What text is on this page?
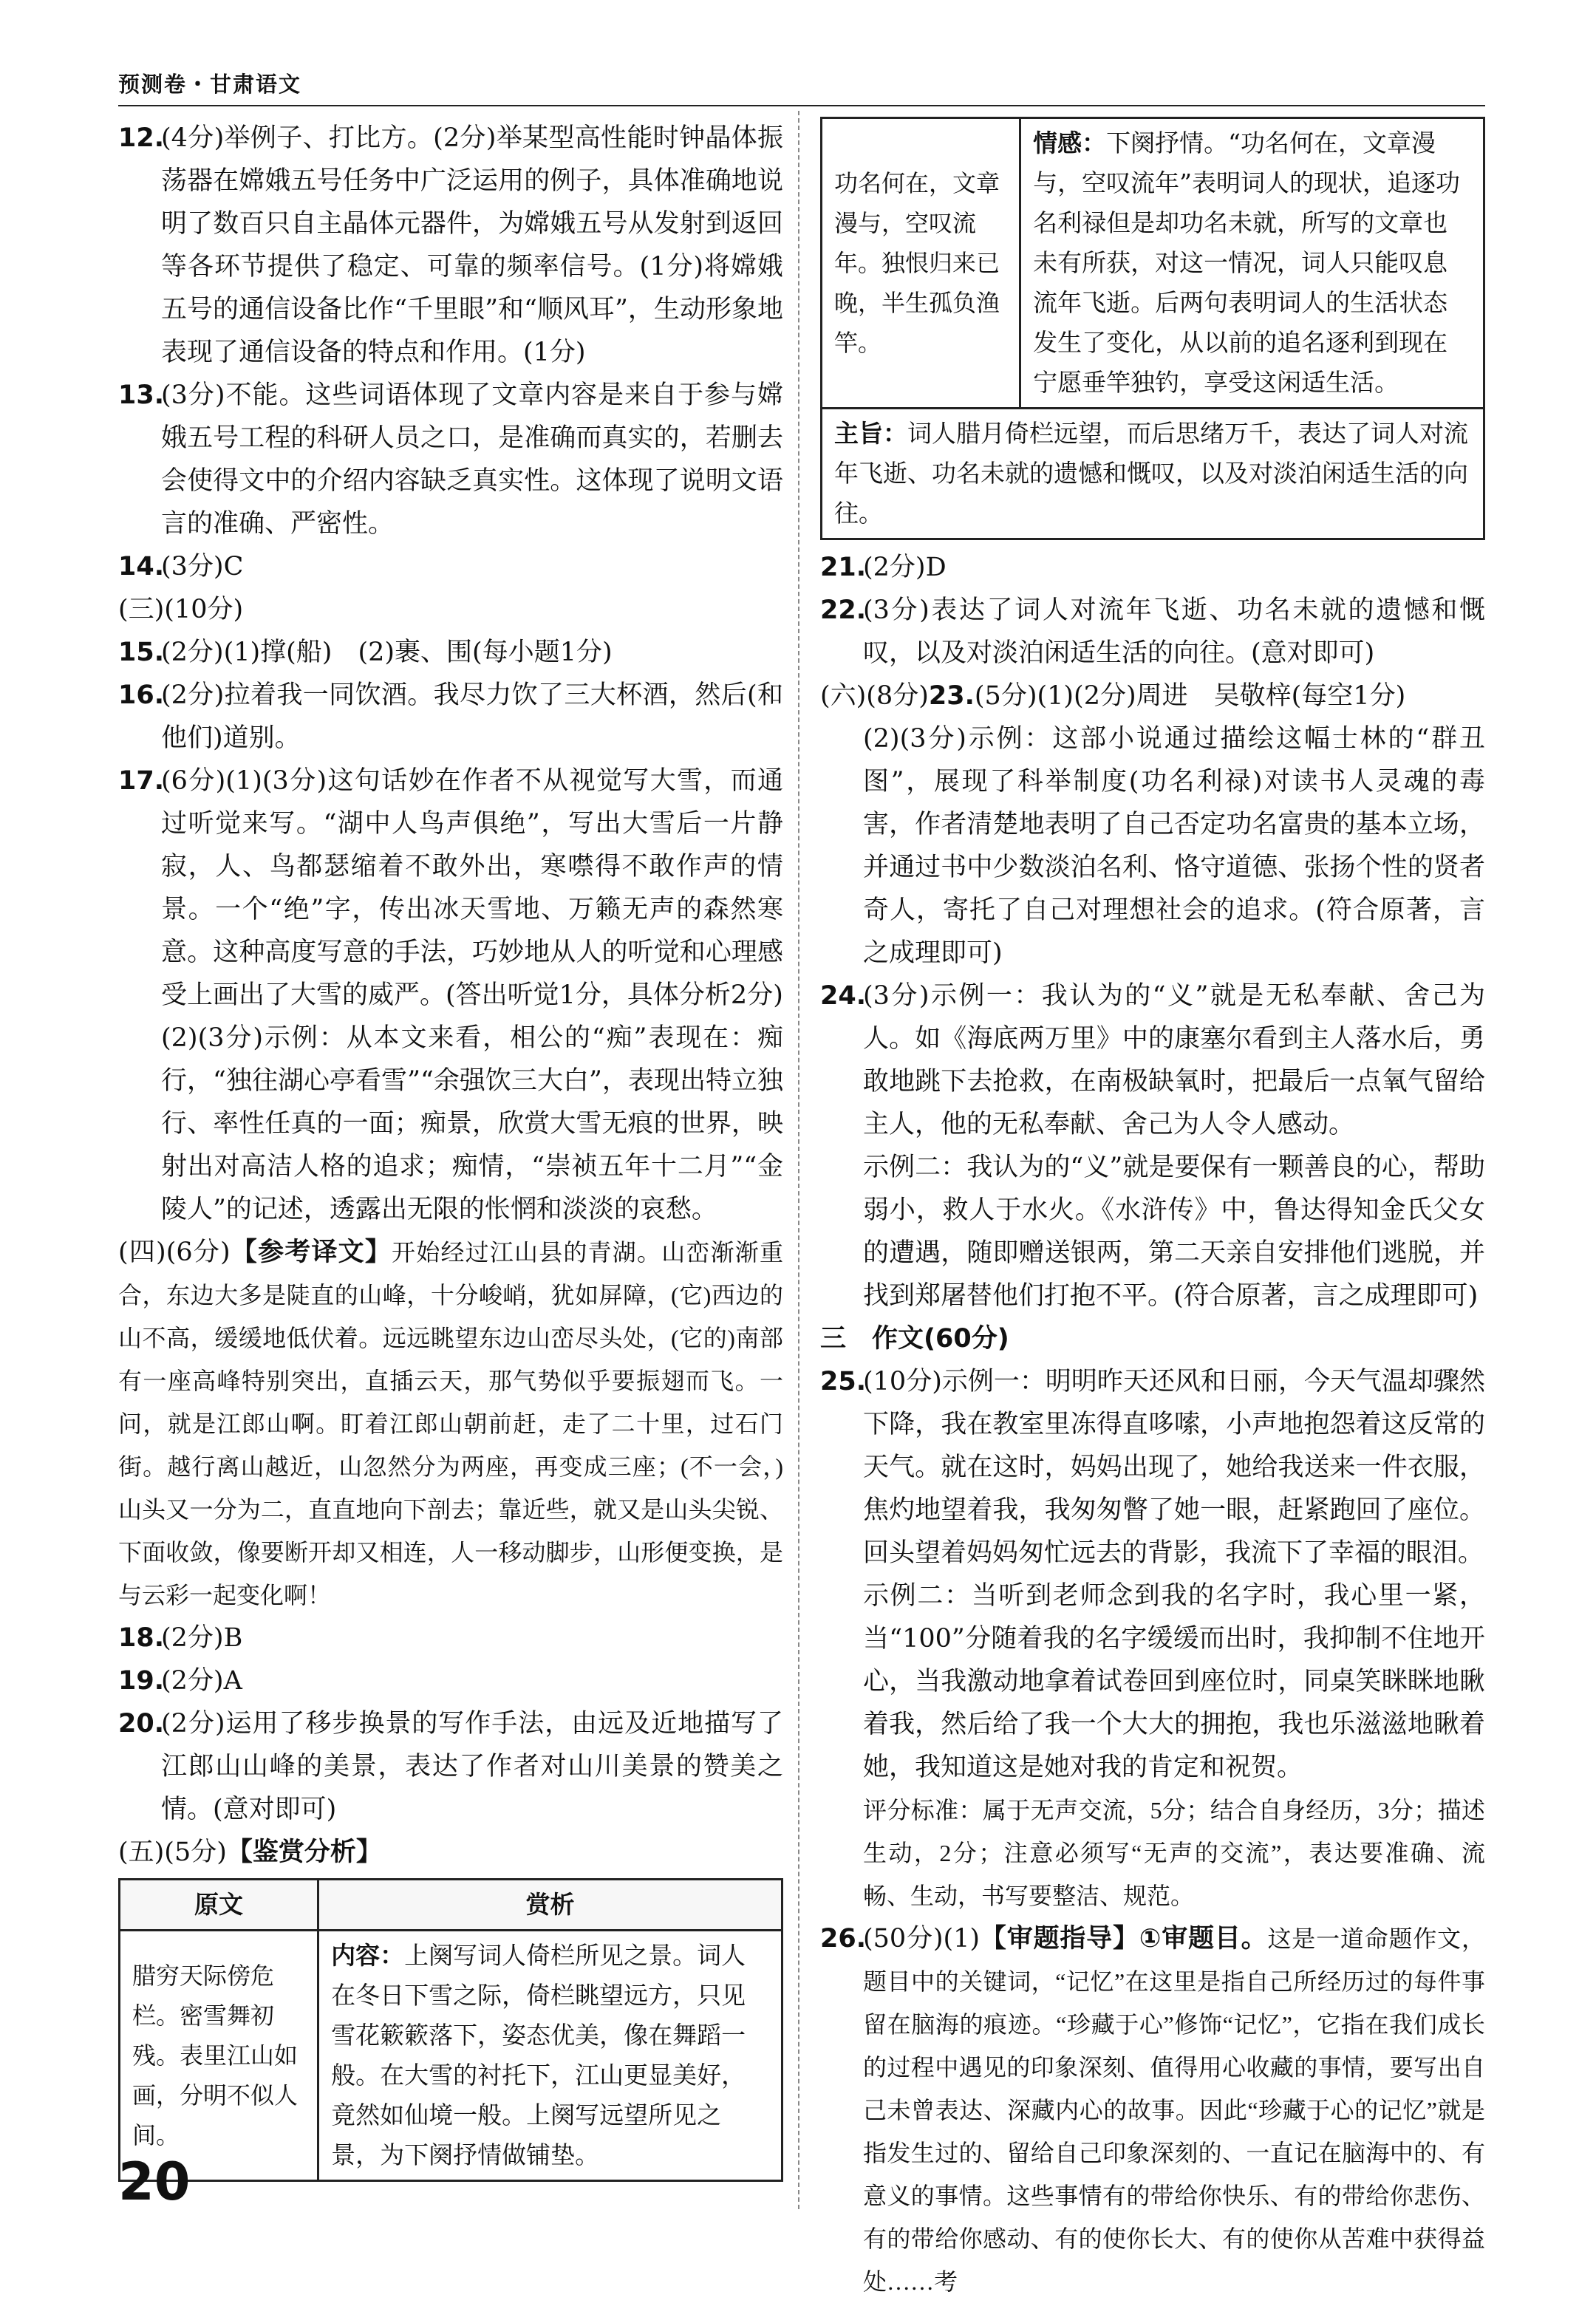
预测卷・甘肃语文
12.
(4分)举例子、打比方。(2分)举某型高性能时钟晶体振荡器在嫦娥五号任务中广泛运用的例子，具体准确地说明了数百只自主晶体元器件，为嫦娥五号从发射到返回等各环节提供了稳定、可靠的频率信号。(1分)将嫦娥五号的通信设备比作“千里眼”和“顺风耳”，生动形象地表现了通信设备的特点和作用。(1分)
13.
(3分)不能。这些词语体现了文章内容是来自于参与嫦娥五号工程的科研人员之口，是准确而真实的，若删去会使得文中的介绍内容缺乏真实性。这体现了说明文语言的准确、严密性。
14.
(3分)C
(三)(10分)
15.
(2分)(1)撑(船)　(2)裹、围(每小题1分)
16.
(2分)拉着我一同饮酒。我尽力饮了三大杯酒，然后(和他们)道别。
17.
(6分)(1)(3分)这句话妙在作者不从视觉写大雪，而通过听觉来写。“湖中人鸟声俱绝”，写出大雪后一片静寂，人、鸟都瑟缩着不敢外出，寒噤得不敢作声的情景。一个“绝”字，传出冰天雪地、万籁无声的森然寒意。这种高度写意的手法，巧妙地从人的听觉和心理感受上画出了大雪的威严。(答出听觉1分，具体分析2分)
(2)(3分)示例：从本文来看，相公的“痴”表现在：痴行，“独往湖心亭看雪”“余强饮三大白”，表现出特立独行、率性任真的一面；痴景，欣赏大雪无痕的世界，映射出对高洁人格的追求；痴情，“崇祯五年十二月”“金陵人”的记述，透露出无限的怅惘和淡淡的哀愁。
(四)(6分)【参考译文】开始经过江山县的青湖。山峦渐渐重合，东边大多是陡直的山峰，十分峻峭，犹如屏障，(它)西边的山不高，缓缓地低伏着。远远眺望东边山峦尽头处，(它的)南部有一座高峰特别突出，直插云天，那气势似乎要振翅而飞。一问，就是江郎山啊。盯着江郎山朝前赶，走了二十里，过石门街。越行离山越近，山忽然分为两座，再变成三座；(不一会，)山头又一分为二，直直地向下剖去；靠近些，就又是山头尖锐、下面收敛，像要断开却又相连，人一移动脚步，山形便变换，是与云彩一起变化啊！
18.
(2分)B
19.
(2分)A
20.
(2分)运用了移步换景的写作手法，由远及近地描写了江郎山山峰的美景，表达了作者对山川美景的赞美之情。(意对即可)
(五)(5分)【鉴赏分析】
原文	赏析
腊穷天际傍危栏。密雪舞初残。表里江山如画，分明不似人间。	内容：上阕写词人倚栏所见之景。词人在冬日下雪之际，倚栏眺望远方，只见雪花簌簌落下，姿态优美，像在舞蹈一般。在大雪的衬托下，江山更显美好，竟然如仙境一般。上阕写远望所见之景，为下阕抒情做铺垫。
功名何在，文章漫与，空叹流年。独恨归来已晚，半生孤负渔竿。	情感：下阕抒情。“功名何在，文章漫与，空叹流年”表明词人的现状，追逐功名利禄但是却功名未就，所写的文章也未有所获，对这一情况，词人只能叹息流年飞逝。后两句表明词人的生活状态发生了变化，从以前的追名逐利到现在宁愿垂竿独钓，享受这闲适生活。
主旨：词人腊月倚栏远望，而后思绪万千，表达了词人对流年飞逝、功名未就的遗憾和慨叹，以及对淡泊闲适生活的向往。
21.
(2分)D
22.
(3分)表达了词人对流年飞逝、功名未就的遗憾和慨叹，以及对淡泊闲适生活的向往。(意对即可)
(六)(8分)23.(5分)(1)(2分)周进　吴敬梓(每空1分)
(2)(3分)示例：这部小说通过描绘这幅士林的“群丑图”，展现了科举制度(功名利禄)对读书人灵魂的毒害，作者清楚地表明了自己否定功名富贵的基本立场，并通过书中少数淡泊名利、恪守道德、张扬个性的贤者奇人，寄托了自己对理想社会的追求。(符合原著，言之成理即可)
24.
(3分)示例一：我认为的“义”就是无私奉献、舍己为人。如《海底两万里》中的康塞尔看到主人落水后，勇敢地跳下去抢救，在南极缺氧时，把最后一点氧气留给主人，他的无私奉献、舍己为人令人感动。
示例二：我认为的“义”就是要保有一颗善良的心，帮助弱小，救人于水火。《水浒传》中，鲁达得知金氏父女的遭遇，随即赠送银两，第二天亲自安排他们逃脱，并找到郑屠替他们打抱不平。(符合原著，言之成理即可)
三　作文(60分)
25.
(10分)示例一：明明昨天还风和日丽，今天气温却骤然下降，我在教室里冻得直哆嗦，小声地抱怨着这反常的天气。就在这时，妈妈出现了，她给我送来一件衣服，焦灼地望着我，我匆匆瞥了她一眼，赶紧跑回了座位。回头望着妈妈匆忙远去的背影，我流下了幸福的眼泪。
示例二：当听到老师念到我的名字时，我心里一紧，当“100”分随着我的名字缓缓而出时，我抑制不住地开心，当我激动地拿着试卷回到座位时，同桌笑眯眯地瞅着我，然后给了我一个大大的拥抱，我也乐滋滋地瞅着她，我知道这是她对我的肯定和祝贺。
评分标准：属于无声交流，5分；结合自身经历，3分；描述生动，2分；注意必须写“无声的交流”，表达要准确、流畅、生动，书写要整洁、规范。
26.
(50分)(1)【审题指导】①审题目。这是一道命题作文，题目中的关键词，“记忆”在这里是指自己所经历过的每件事留在脑海的痕迹。“珍藏于心”修饰“记忆”，它指在我们成长的过程中遇见的印象深刻、值得用心收藏的事情，要写出自己未曾表达、深藏内心的故事。因此“珍藏于心的记忆”就是指发生过的、留给自己印象深刻的、一直记在脑海中的、有意义的事情。这些事情有的带给你快乐、有的带给你悲伤、有的带给你感动、有的使你长大、有的使你从苦难中获得益处……考
20
